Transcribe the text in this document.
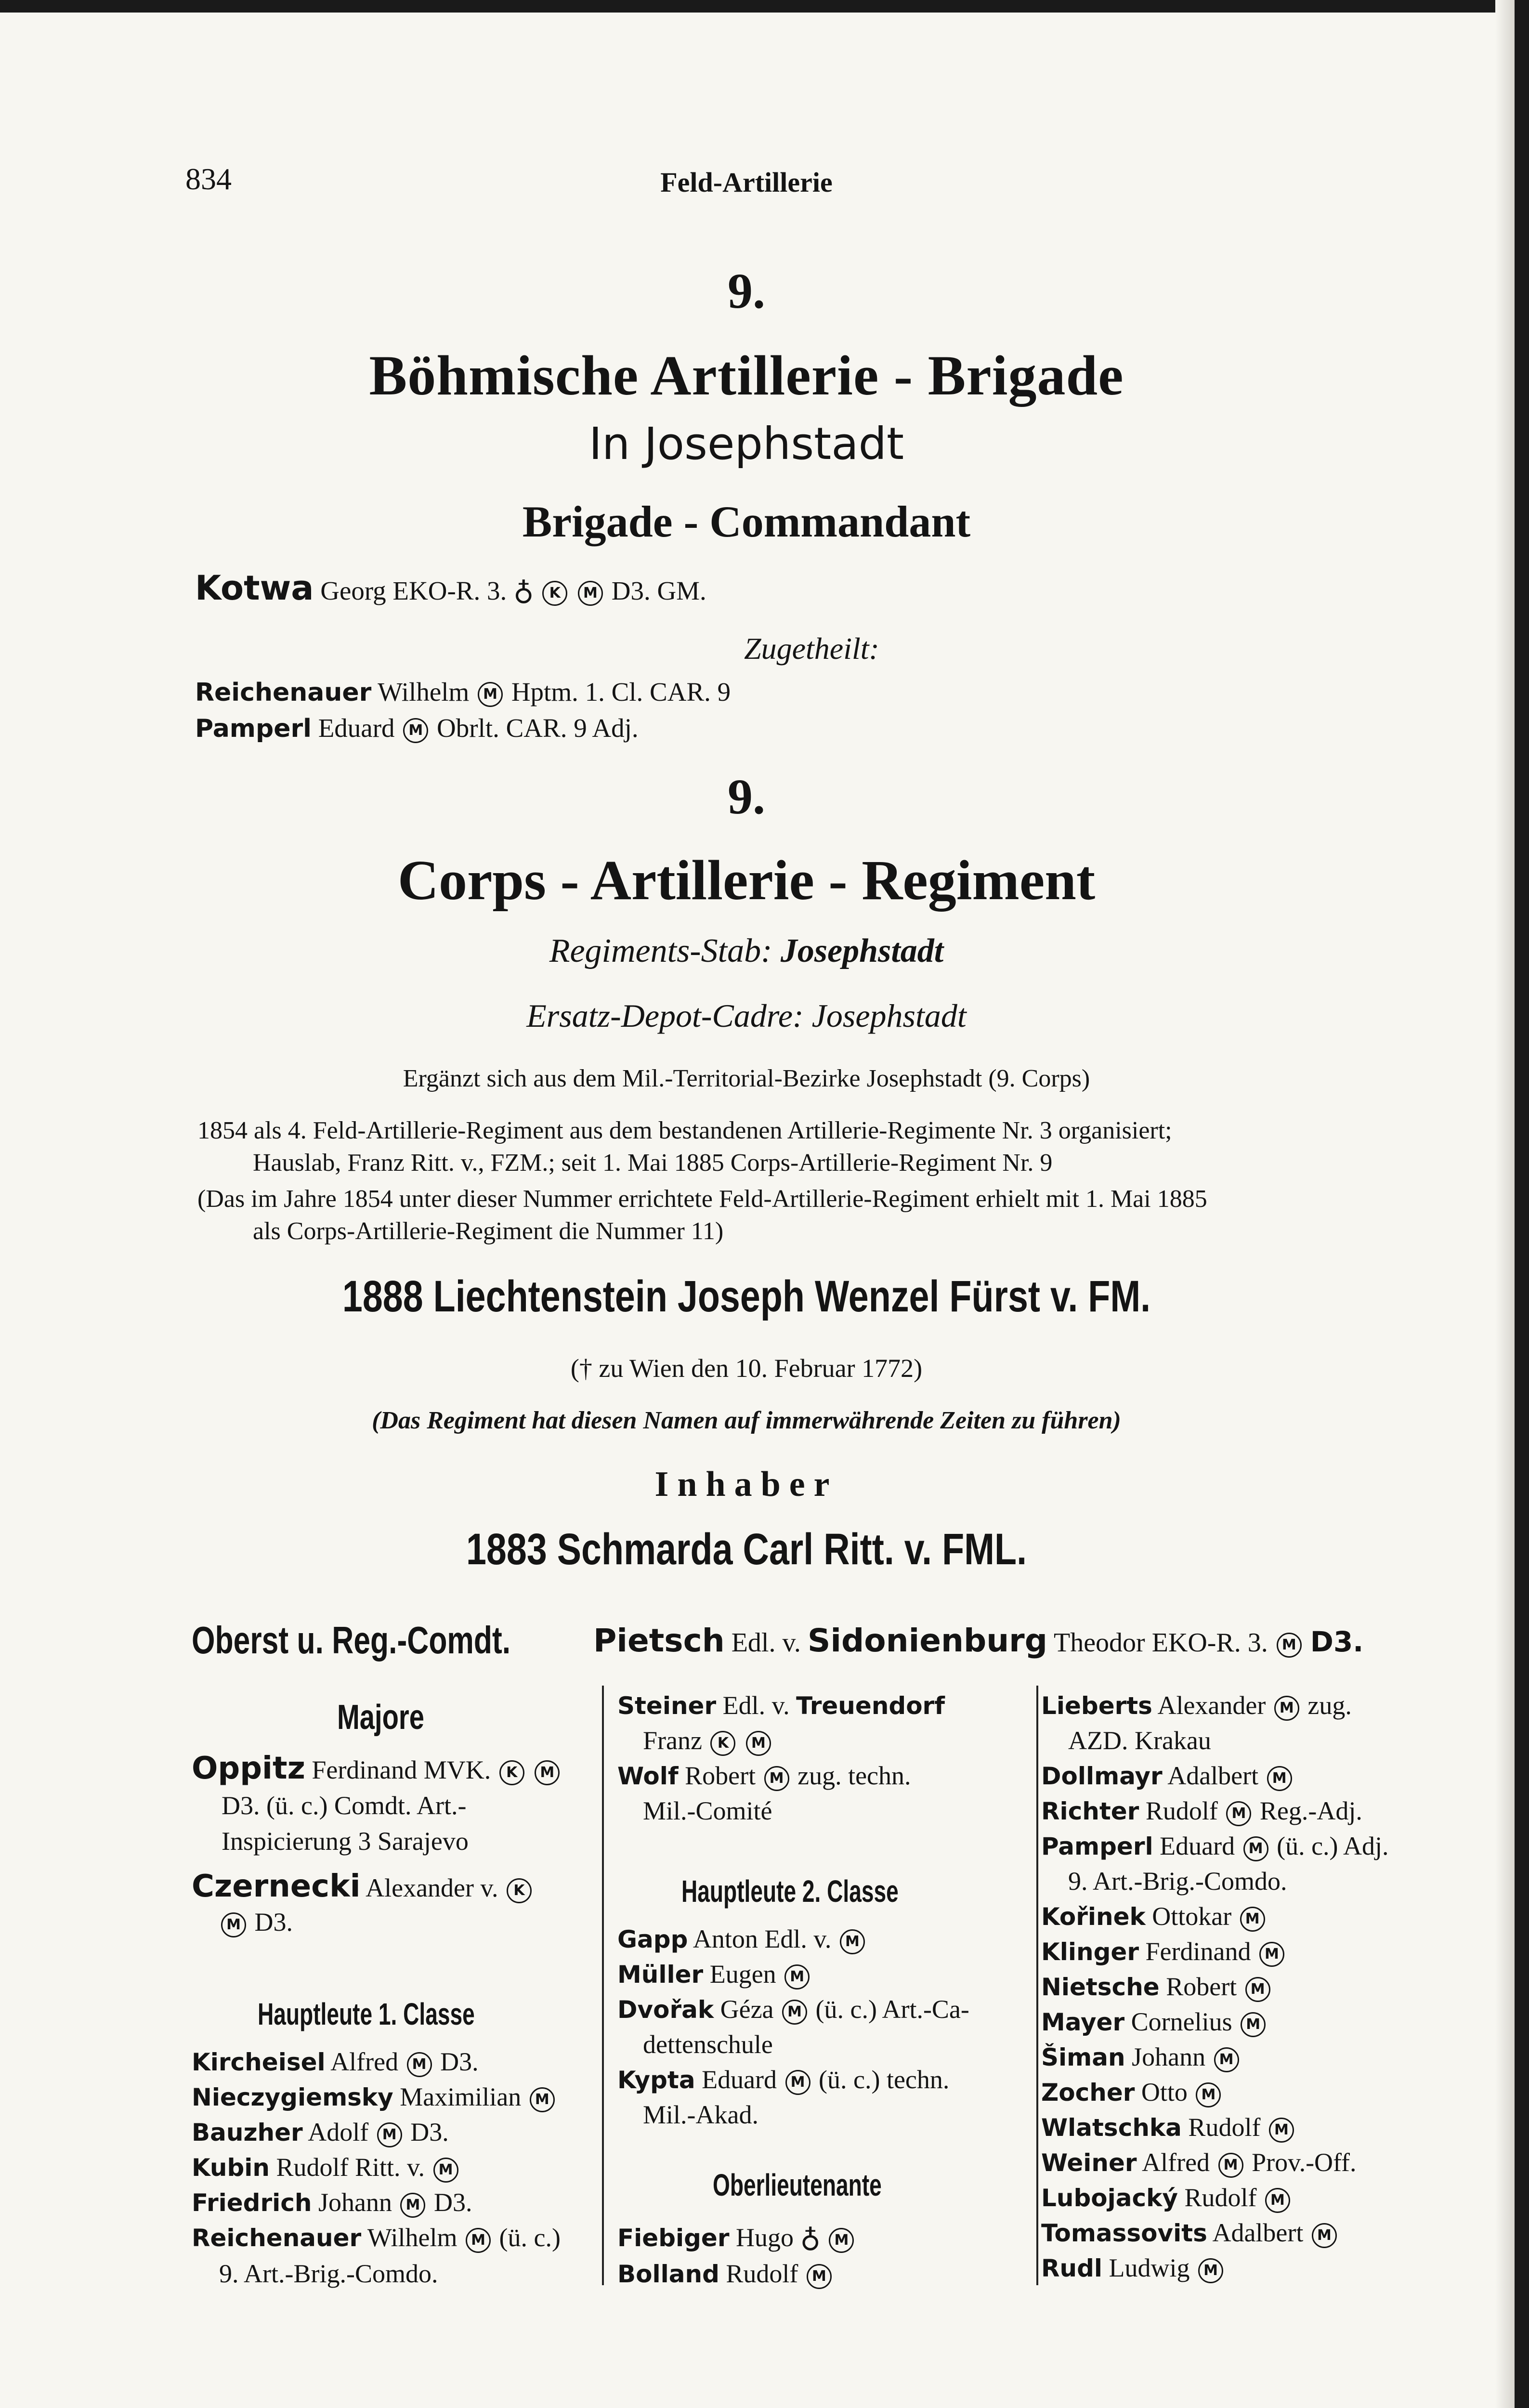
834	Feld-Artillerie
9.
Böhmische Artillerie - Brigade
In Josephstadt
Brigade - Commandant
Kotwa Georg EKO-R. 3. ♁ K M D3. GM.
Zugetheilt:
Reichenauer Wilhelm M Hptm. 1. Cl. CAR. 9
Pamperl Eduard M Obrlt. CAR. 9 Adj.
9.
Corps - Artillerie - Regiment
Regiments-Stab: Josephstadt
Ersatz-Depot-Cadre: Josephstadt
Ergänzt sich aus dem Mil.-Territorial-Bezirke Josephstadt (9. Corps)
1854 als 4. Feld-Artillerie-Regiment aus dem bestandenen Artillerie-Regimente Nr. 3 organisiert;
Hauslab, Franz Ritt. v., FZM.; seit 1. Mai 1885 Corps-Artillerie-Regiment Nr. 9
(Das im Jahre 1854 unter dieser Nummer errichtete Feld-Artillerie-Regiment erhielt mit 1. Mai 1885
als Corps-Artillerie-Regiment die Nummer 11)
1888 Liechtenstein Joseph Wenzel Fürst v. FM.
(† zu Wien den 10. Februar 1772)
(Das Regiment hat diesen Namen auf immerwährende Zeiten zu führen)
Inhaber
1883 Schmarda Carl Ritt. v. FML.
Oberst u. Reg.-Comdt.	Pietsch Edl. v. Sidonienburg Theodor EKO-R. 3. M D3.
Majore
Oppitz Ferdinand MVK. K M
D3. (ü. c.) Comdt. Art.-
Inspicierung 3 Sarajevo
Czernecki Alexander v. K
M D3.
Hauptleute 1. Classe
Kircheisel Alfred M D3.
Nieczygiemsky Maximilian M
Bauzher Adolf M D3.
Kubin Rudolf Ritt. v. M
Friedrich Johann M D3.
Reichenauer Wilhelm M (ü. c.)
9. Art.-Brig.-Comdo.
Steiner Edl. v. Treuendorf
Franz K M
Wolf Robert M zug. techn.
Mil.-Comité
Hauptleute 2. Classe
Gapp Anton Edl. v. M
Müller Eugen M
Dvořak Géza M (ü. c.) Art.-Ca-
dettenschule
Kypta Eduard M (ü. c.) techn.
Mil.-Akad.
Oberlieutenante
Fiebiger Hugo ♁ M
Bolland Rudolf M
Lieberts Alexander M zug.
AZD. Krakau
Dollmayr Adalbert M
Richter Rudolf M Reg.-Adj.
Pamperl Eduard M (ü. c.) Adj.
9. Art.-Brig.-Comdo.
Kořinek Ottokar M
Klinger Ferdinand M
Nietsche Robert M
Mayer Cornelius M
Šiman Johann M
Zocher Otto M
Wlatschka Rudolf M
Weiner Alfred M Prov.-Off.
Lubojacký Rudolf M
Tomassovits Adalbert M
Rudl Ludwig M
